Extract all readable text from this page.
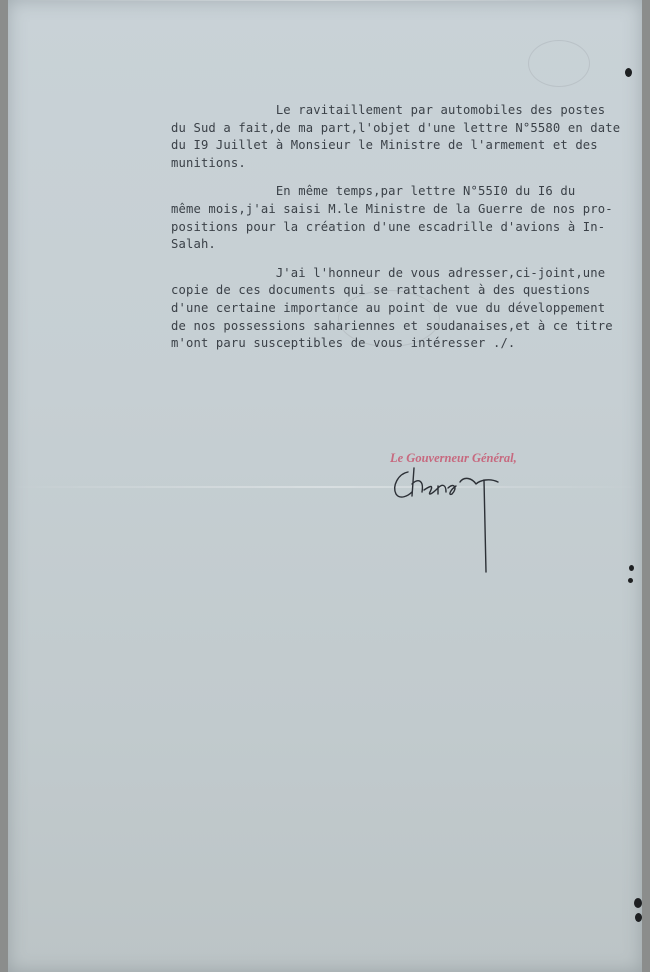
Le ravitaillement par automobiles des postes
du Sud a fait,de ma part,l'objet d'une lettre N°5580 en date
du I9 Juillet à Monsieur le Ministre de l'armement et des
munitions.

En même temps,par lettre N°55I0 du I6 du
même mois,j'ai saisi M.le Ministre de la Guerre de nos pro-
positions pour la création d'une escadrille d'avions à In-
Salah.

J'ai l'honneur de vous adresser,ci-joint,une
copie de ces documents qui se rattachent à des questions
d'une certaine importance au point de vue du développement
de nos possessions sahariennes et soudanaises,et à ce titre
m'ont paru susceptibles de vous intéresser ./.

Le Gouverneur Général,
